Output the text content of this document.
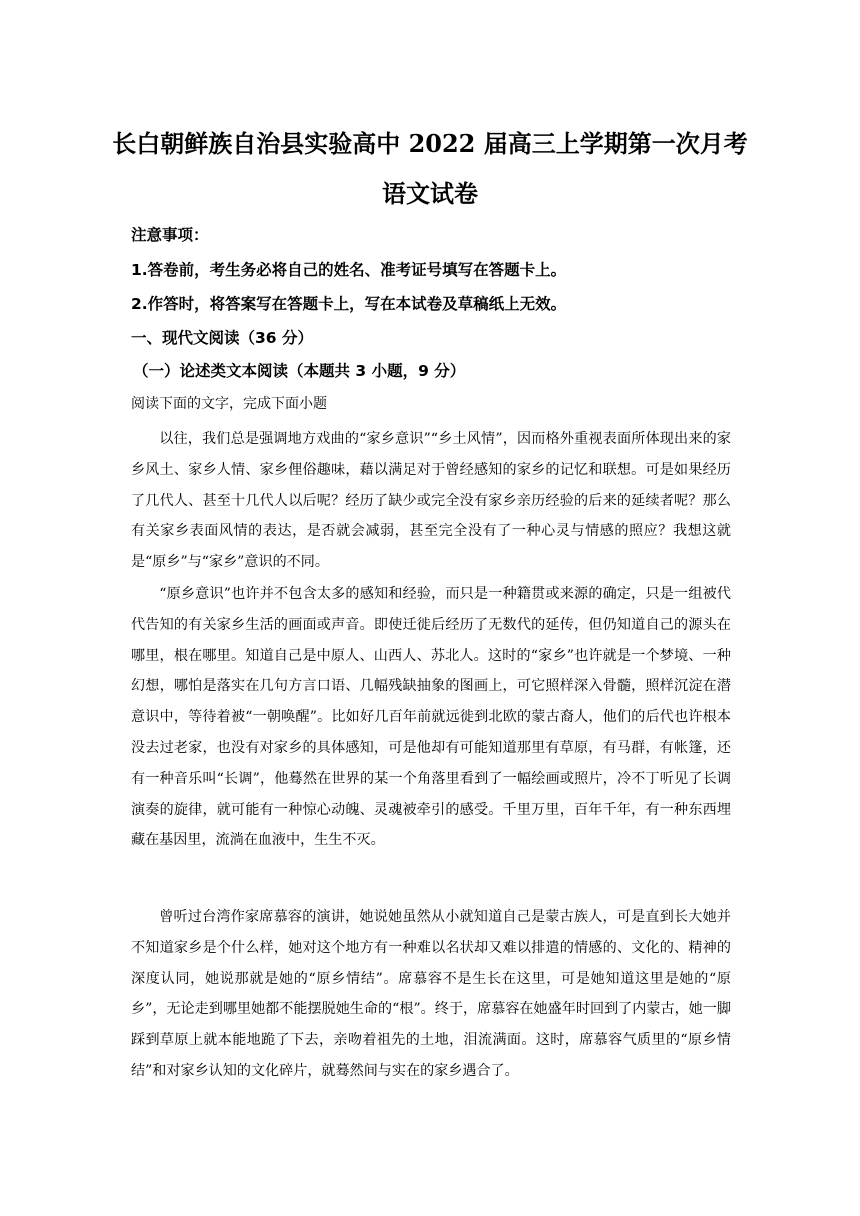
长白朝鲜族自治县实验高中 2022 届高三上学期第一次月考
语文试卷
注意事项：
1.答卷前，考生务必将自己的姓名、准考证号填写在答题卡上。
2.作答时，将答案写在答题卡上，写在本试卷及草稿纸上无效。
一、现代文阅读（36 分）
（一）论述类文本阅读（本题共 3 小题，9 分）
阅读下面的文字，完成下面小题

以往，我们总是强调地方戏曲的“家乡意识”“乡土风情”，因而格外重视表面所体现出来的家乡风土、家乡人情、家乡俚俗趣味，藉以满足对于曾经感知的家乡的记忆和联想。可是如果经历了几代人、甚至十几代人以后呢？经历了缺少或完全没有家乡亲历经验的后来的延续者呢？那么有关家乡表面风情的表达，是否就会减弱，甚至完全没有了一种心灵与情感的照应？我想这就是“原乡”与“家乡”意识的不同。

“原乡意识”也许并不包含太多的感知和经验，而只是一种籍贯或来源的确定，只是一组被代代告知的有关家乡生活的画面或声音。即使迁徙后经历了无数代的延传，但仍知道自己的源头在哪里，根在哪里。知道自己是中原人、山西人、苏北人。这时的“家乡”也许就是一个梦境、一种幻想，哪怕是落实在几句方言口语、几幅残缺抽象的图画上，可它照样深入骨髓，照样沉淀在潜意识中，等待着被“一朝唤醒”。比如好几百年前就远徙到北欧的蒙古裔人，他们的后代也许根本没去过老家，也没有对家乡的具体感知，可是他却有可能知道那里有草原，有马群，有帐篷，还有一种音乐叫“长调”，他蓦然在世界的某一个角落里看到了一幅绘画或照片，冷不丁听见了长调演奏的旋律，就可能有一种惊心动魄、灵魂被牵引的感受。千里万里，百年千年，有一种东西埋藏在基因里，流淌在血液中，生生不灭。

曾听过台湾作家席慕容的演讲，她说她虽然从小就知道自己是蒙古族人，可是直到长大她并不知道家乡是个什么样，她对这个地方有一种难以名状却又难以排遣的情感的、文化的、精神的深度认同，她说那就是她的“原乡情结”。席慕容不是生长在这里，可是她知道这里是她的“原乡”，无论走到哪里她都不能摆脱她生命的“根”。终于，席慕容在她盛年时回到了内蒙古，她一脚踩到草原上就本能地跪了下去，亲吻着祖先的土地，泪流满面。这时，席慕容气质里的“原乡情结”和对家乡认知的文化碎片，就蓦然间与实在的家乡遇合了。
